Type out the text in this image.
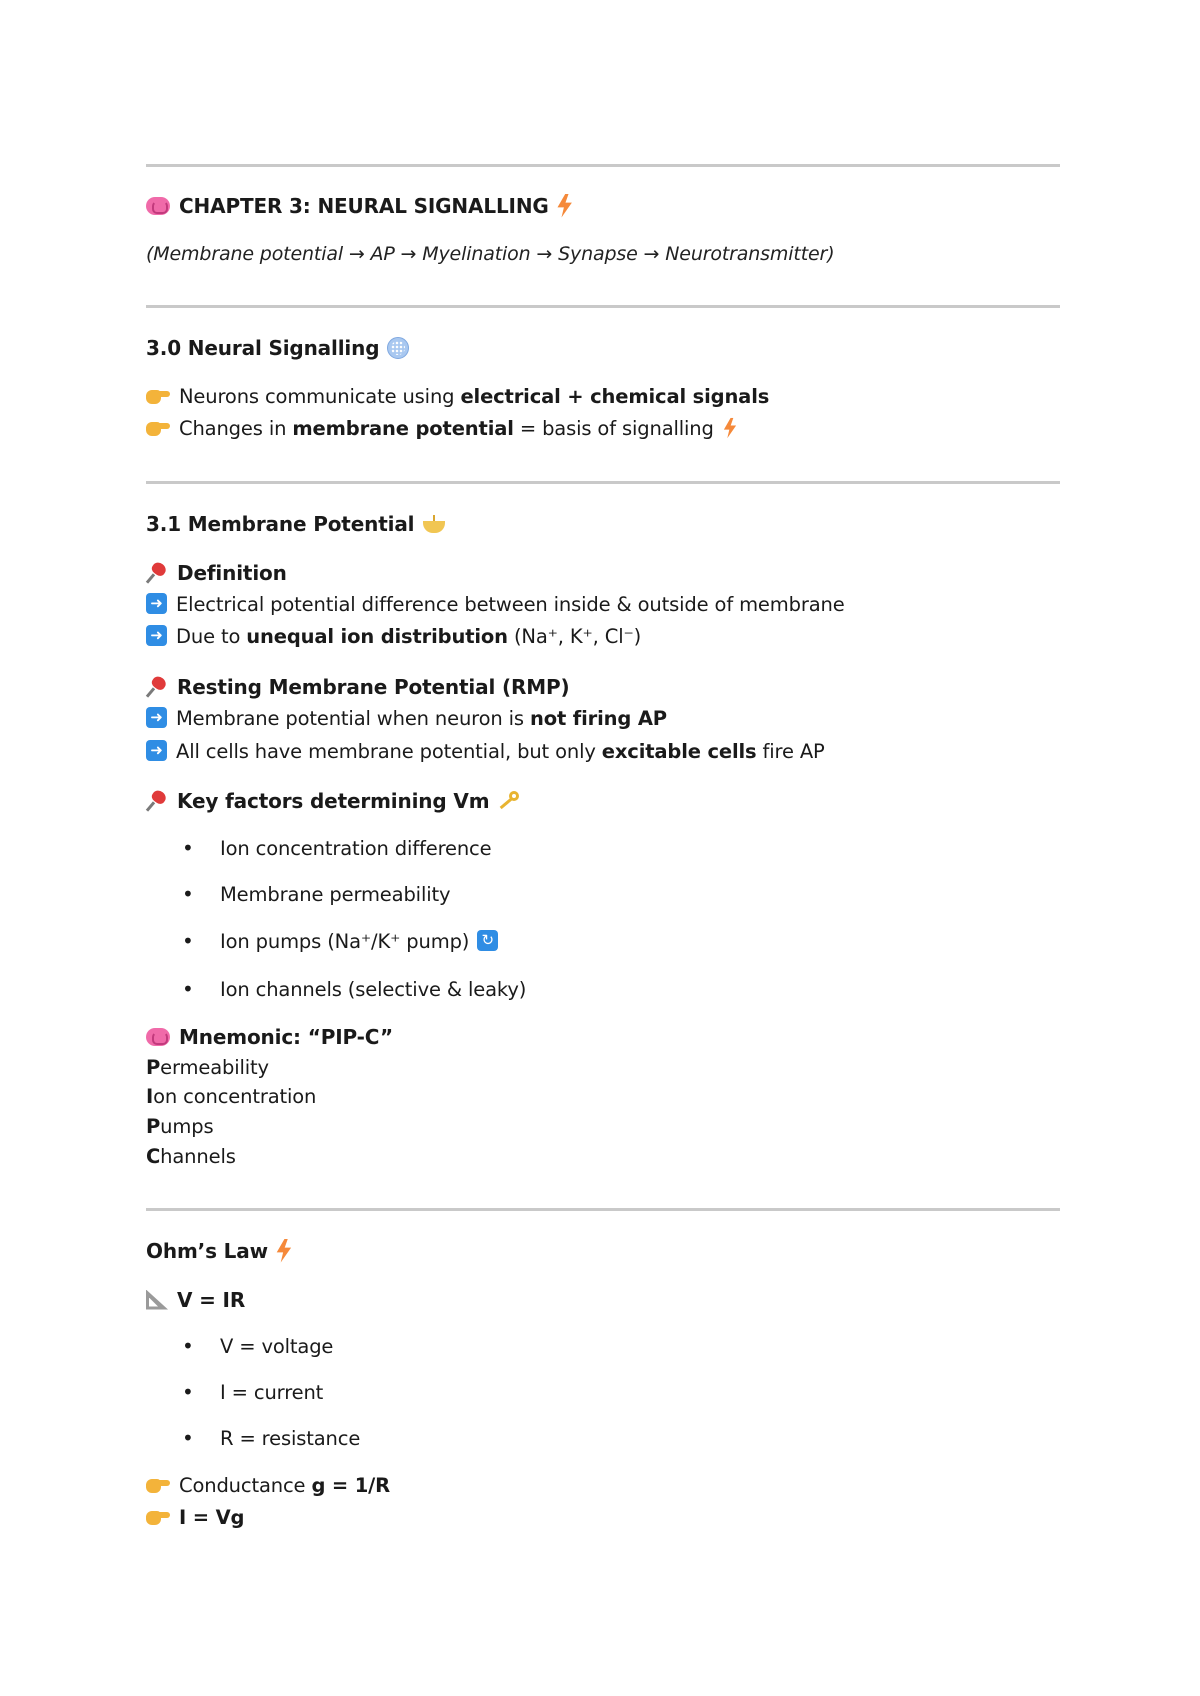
CHAPTER 3: NEURAL SIGNALLING
(Membrane potential → AP → Myelination → Synapse → Neurotransmitter)
3.0 Neural Signalling
Neurons communicate using electrical + chemical signals
Changes in membrane potential = basis of signalling
3.1 Membrane Potential
Definition
➜ Electrical potential difference between inside & outside of membrane
➜ Due to unequal ion distribution (Na⁺, K⁺, Cl⁻)
Resting Membrane Potential (RMP)
➜ Membrane potential when neuron is not firing AP
➜ All cells have membrane potential, but only excitable cells fire AP
Key factors determining Vm
• Ion concentration difference
• Membrane permeability
• Ion pumps (Na⁺/K⁺ pump) ↻
• Ion channels (selective & leaky)
Mnemonic: “PIP-C”
Permeability
Ion concentration
Pumps
Channels
Ohm’s Law
V = IR
• V = voltage
• I = current
• R = resistance
Conductance g = 1/R
I = Vg
